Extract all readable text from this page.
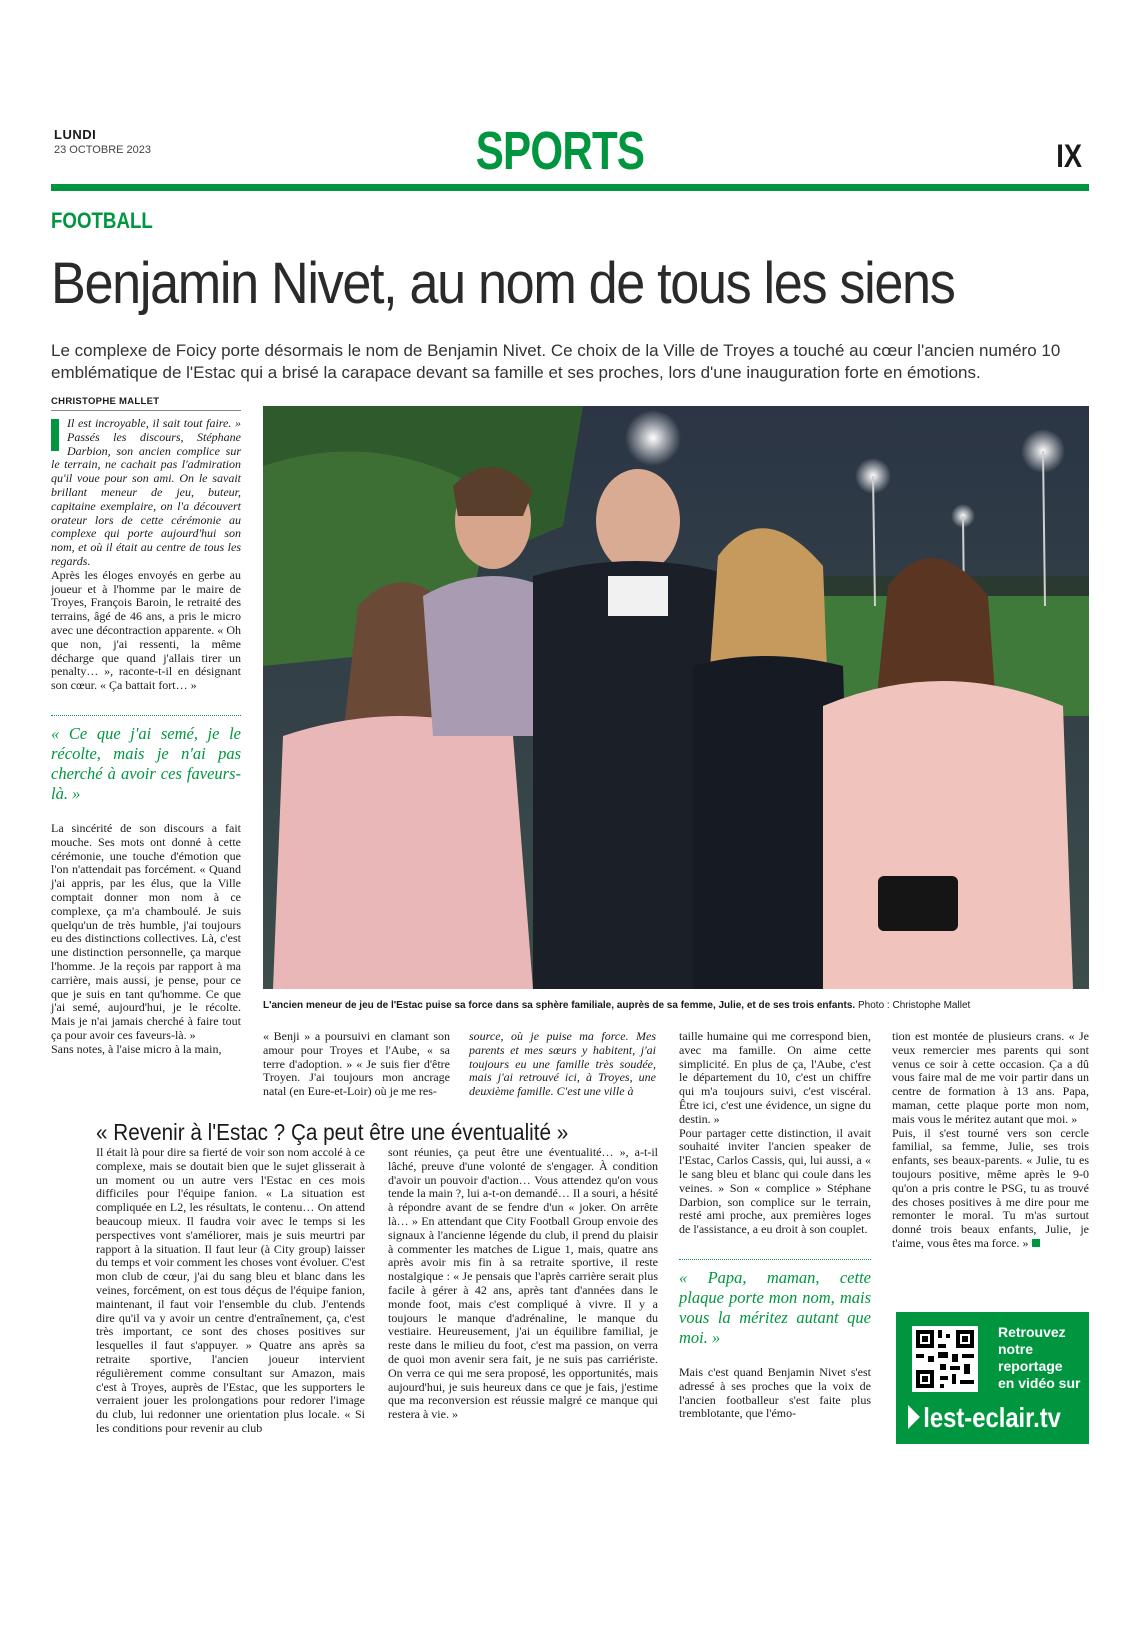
LUNDI
23 OCTOBRE 2023	SPORTS	IX
FOOTBALL
Benjamin Nivet, au nom de tous les siens
Le complexe de Foicy porte désormais le nom de Benjamin Nivet. Ce choix de la Ville de Troyes a touché au cœur l'ancien numéro 10 emblématique de l'Estac qui a brisé la carapace devant sa famille et ses proches, lors d'une inauguration forte en émotions.
CHRISTOPHE MALLET

Il est incroyable, il sait tout faire. » Passés les discours, Stéphane Darbion, son ancien complice sur le terrain, ne cachait pas l'admiration qu'il voue pour son ami. On le savait brillant meneur de jeu, buteur, capitaine exemplaire, on l'a découvert orateur lors de cette cérémonie au complexe qui porte aujourd'hui son nom, et où il était au centre de tous les regards.

Après les éloges envoyés en gerbe au joueur et à l'homme par le maire de Troyes, François Baroin, le retraité des terrains, âgé de 46 ans, a pris le micro avec une décontraction apparente. « Oh que non, j'ai ressenti, la même décharge que quand j'allais tirer un penalty… », raconte-t-il en désignant son cœur. « Ça battait fort… »

« Ce que j'ai semé, je le récolte, mais je n'ai pas cherché à avoir ces faveurs-là. »

La sincérité de son discours a fait mouche. Ses mots ont donné à cette cérémonie, une touche d'émotion que l'on n'attendait pas forcément. « Quand j'ai appris, par les élus, que la Ville comptait donner mon nom à ce complexe, ça m'a chamboulé. Je suis quelqu'un de très humble, j'ai toujours eu des distinctions collectives. Là, c'est une distinction personnelle, ça marque l'homme. Je la reçois par rapport à ma carrière, mais aussi, je pense, pour ce que je suis en tant qu'homme. Ce que j'ai semé, aujourd'hui, je le récolte. Mais je n'ai jamais cherché à faire tout ça pour avoir ces faveurs-là. »

Sans notes, à l'aise micro à la main,

L'ancien meneur de jeu de l'Estac puise sa force dans sa sphère familiale, auprès de sa femme, Julie, et de ses trois enfants. Photo : Christophe Mallet

« Benji » a poursuivi en clamant son amour pour Troyes et l'Aube, « sa terre d'adoption. » « Je suis fier d'être Troyen. J'ai toujours mon ancrage natal (en Eure-et-Loir) où je me res-

source, où je puise ma force. Mes parents et mes sœurs y habitent, j'ai toujours eu une famille très soudée, mais j'ai retrouvé ici, à Troyes, une deuxième famille. C'est une ville à

taille humaine qui me correspond bien, avec ma famille. On aime cette simplicité. En plus de ça, l'Aube, c'est le département du 10, c'est un chiffre qui m'a toujours suivi, c'est viscéral. Être ici, c'est une évidence, un signe du destin. »

Pour partager cette distinction, il avait souhaité inviter l'ancien speaker de l'Estac, Carlos Cassis, qui, lui aussi, a « le sang bleu et blanc qui coule dans les veines. » Son « complice » Stéphane Darbion, son complice sur le terrain, resté ami proche, aux premières loges de l'assistance, a eu droit à son couplet.

« Papa, maman, cette plaque porte mon nom, mais vous la méritez autant que moi. »

Mais c'est quand Benjamin Nivet s'est adressé à ses proches que la voix de l'ancien footballeur s'est faite plus tremblotante, que l'émo-

tion est montée de plusieurs crans. « Je veux remercier mes parents qui sont venus ce soir à cette occasion. Ça a dû vous faire mal de me voir partir dans un centre de formation à 13 ans. Papa, maman, cette plaque porte mon nom, mais vous le méritez autant que moi. »

Puis, il s'est tourné vers son cercle familial, sa femme, Julie, ses trois enfants, ses beaux-parents. « Julie, tu es toujours positive, même après le 9-0 qu'on a pris contre le PSG, tu as trouvé des choses positives à me dire pour me remonter le moral. Tu m'as surtout donné trois beaux enfants, Julie, je t'aime, vous êtes ma force. »

« Revenir à l'Estac ? Ça peut être une éventualité »

Il était là pour dire sa fierté de voir son nom accolé à ce complexe, mais se doutait bien que le sujet glisserait à un moment ou un autre vers l'Estac en ces mois difficiles pour l'équipe fanion. « La situation est compliquée en L2, les résultats, le contenu… On attend beaucoup mieux. Il faudra voir avec le temps si les perspectives vont s'améliorer, mais je suis meurtri par rapport à la situation. Il faut leur (à City group) laisser du temps et voir comment les choses vont évoluer. C'est mon club de cœur, j'ai du sang bleu et blanc dans les veines, forcément, on est tous déçus de l'équipe fanion, maintenant, il faut voir l'ensemble du club. J'entends dire qu'il va y avoir un centre d'entraînement, ça, c'est très important, ce sont des choses positives sur lesquelles il faut s'appuyer. » Quatre ans après sa retraite sportive, l'ancien joueur intervient régulièrement comme consultant sur Amazon, mais c'est à Troyes, auprès de l'Estac, que les supporters le verraient jouer les prolongations pour redorer l'image du club, lui redonner une orientation plus locale. « Si les conditions pour revenir au club

sont réunies, ça peut être une éventualité… », a-t-il lâché, preuve d'une volonté de s'engager. À condition d'avoir un pouvoir d'action… Vous attendez qu'on vous tende la main ?, lui a-t-on demandé… Il a souri, a hésité à répondre avant de se fendre d'un « joker. On arrête là… » En attendant que City Football Group envoie des signaux à l'ancienne légende du club, il prend du plaisir à commenter les matches de Ligue 1, mais, quatre ans après avoir mis fin à sa retraite sportive, il reste nostalgique : « Je pensais que l'après carrière serait plus facile à gérer à 42 ans, après tant d'années dans le monde foot, mais c'est compliqué à vivre. Il y a toujours le manque d'adrénaline, le manque du vestiaire. Heureusement, j'ai un équilibre familial, je reste dans le milieu du foot, c'est ma passion, on verra de quoi mon avenir sera fait, je ne suis pas carriériste. On verra ce qui me sera proposé, les opportunités, mais aujourd'hui, je suis heureux dans ce que je fais, j'estime que ma reconversion est réussie malgré ce manque qui restera à vie. »

Retrouvez
notre
reportage
en vidéo sur
lest-eclair.tv
